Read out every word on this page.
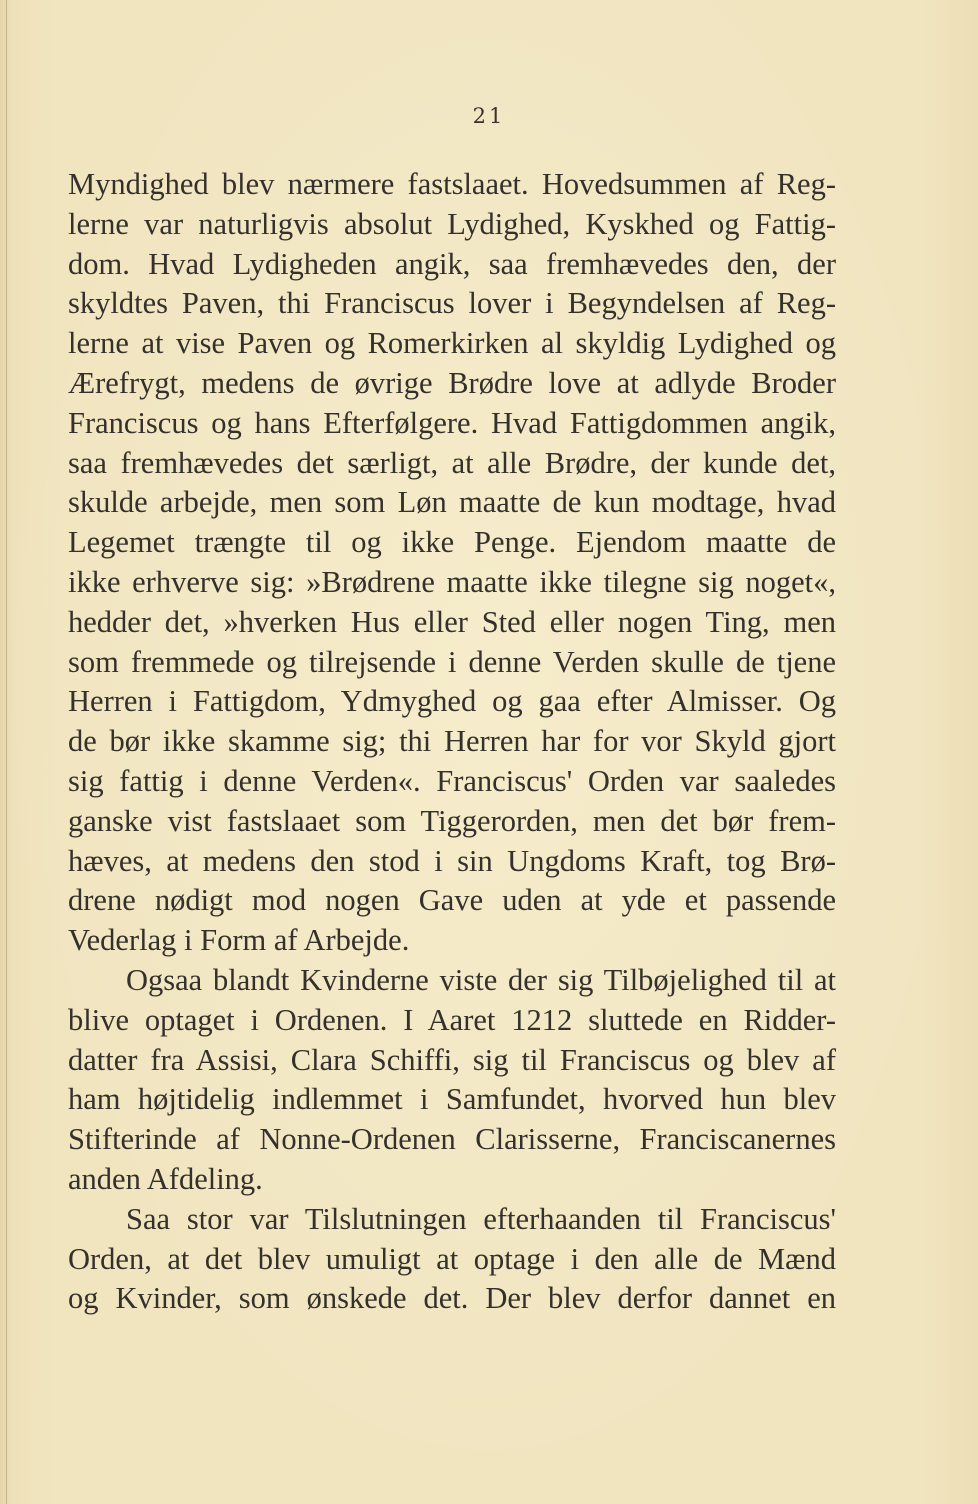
21
Myndighed blev nærmere fastslaaet. Hovedsummen af Reg-
lerne var naturligvis absolut Lydighed, Kyskhed og Fattig-
dom. Hvad Lydigheden angik, saa fremhævedes den, der
skyldtes Paven, thi Franciscus lover i Begyndelsen af Reg-
lerne at vise Paven og Romerkirken al skyldig Lydighed og
Ærefrygt, medens de øvrige Brødre love at adlyde Broder
Franciscus og hans Efterfølgere. Hvad Fattigdommen angik,
saa fremhævedes det særligt, at alle Brødre, der kunde det,
skulde arbejde, men som Løn maatte de kun modtage, hvad
Legemet trængte til og ikke Penge. Ejendom maatte de
ikke erhverve sig: »Brødrene maatte ikke tilegne sig noget«,
hedder det, »hverken Hus eller Sted eller nogen Ting, men
som fremmede og tilrejsende i denne Verden skulle de tjene
Herren i Fattigdom, Ydmyghed og gaa efter Almisser. Og
de bør ikke skamme sig; thi Herren har for vor Skyld gjort
sig fattig i denne Verden«. Franciscus' Orden var saaledes
ganske vist fastslaaet som Tiggerorden, men det bør frem-
hæves, at medens den stod i sin Ungdoms Kraft, tog Brø-
drene nødigt mod nogen Gave uden at yde et passende
Vederlag i Form af Arbejde.
Ogsaa blandt Kvinderne viste der sig Tilbøjelighed til at
blive optaget i Ordenen. I Aaret 1212 sluttede en Ridder-
datter fra Assisi, Clara Schiffi, sig til Franciscus og blev af
ham højtidelig indlemmet i Samfundet, hvorved hun blev
Stifterinde af Nonne-Ordenen Clarisserne, Franciscanernes
anden Afdeling.
Saa stor var Tilslutningen efterhaanden til Franciscus'
Orden, at det blev umuligt at optage i den alle de Mænd
og Kvinder, som ønskede det. Der blev derfor dannet en
